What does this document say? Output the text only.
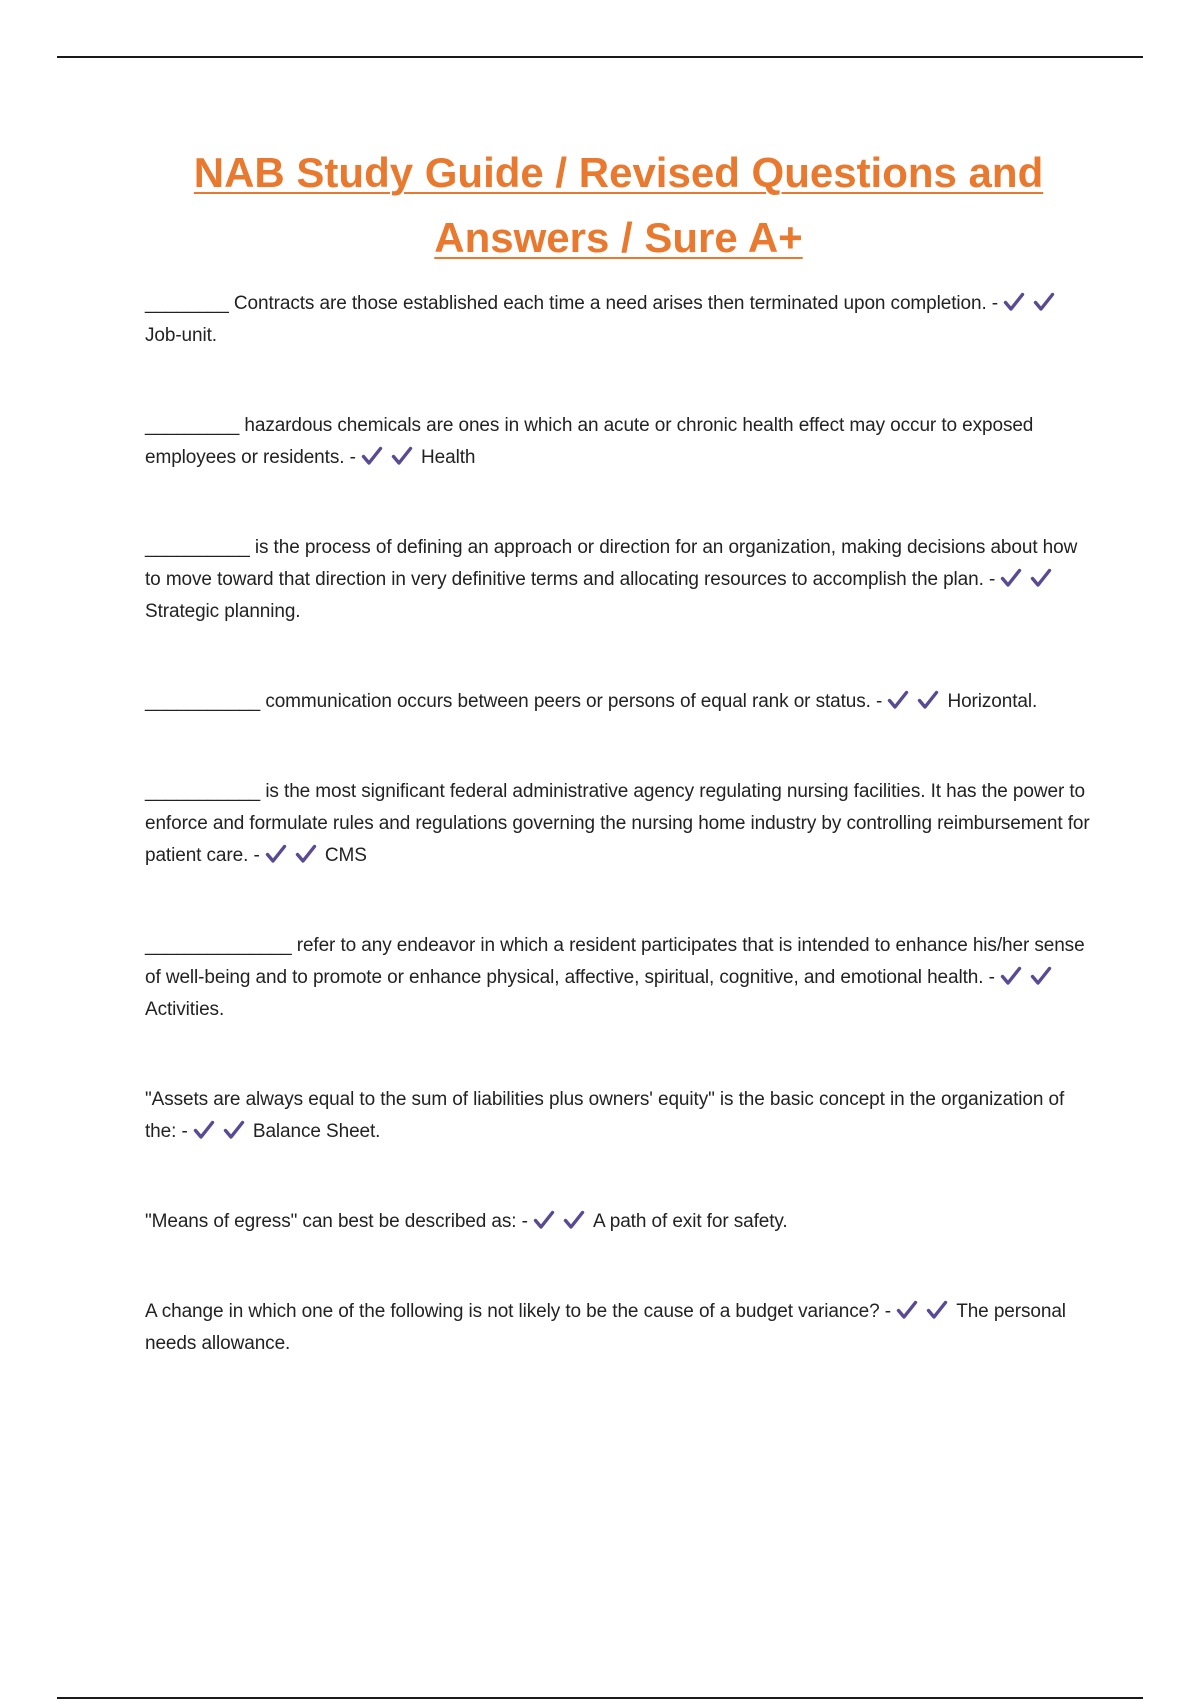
NAB Study Guide / Revised Questions and
Answers / Sure A+

________ Contracts are those established each time a need arises then terminated upon completion. -
Job-unit.

_________ hazardous chemicals are ones in which an acute or chronic health effect may occur to exposed employees or residents. -	Health

__________ is the process of defining an approach or direction for an organization, making decisions about how to move toward that direction in very definitive terms and allocating resources to accomplish the plan. -
Strategic planning.

___________ communication occurs between peers or persons of equal rank or status. -	Horizontal.

___________ is the most significant federal administrative agency regulating nursing facilities. It has the power to enforce and formulate rules and regulations governing the nursing home industry by controlling reimbursement for patient care. -	CMS

______________ refer to any endeavor in which a resident participates that is intended to enhance his/her sense of well-being and to promote or enhance physical, affective, spiritual, cognitive, and emotional health. -
Activities.

"Assets are always equal to the sum of liabilities plus owners' equity" is the basic concept in the organization of the: -	Balance Sheet.

"Means of egress" can best be described as: -	A path of exit for safety.

A change in which one of the following is not likely to be the cause of a budget variance? -	The personal needs allowance.
